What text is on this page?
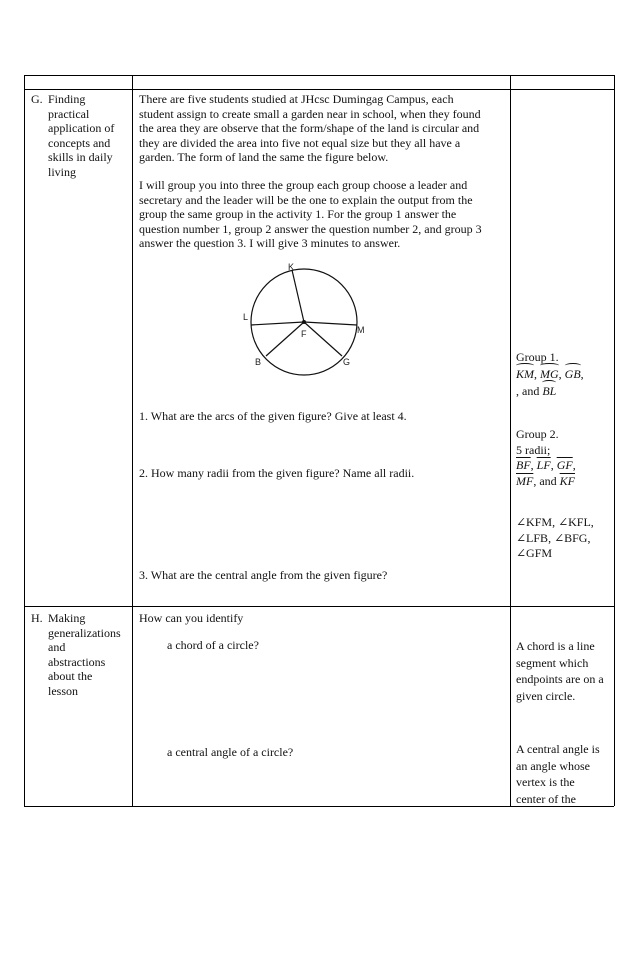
G. Finding
practical
application of
concepts and
skills in daily
living

There are five students studied at JHcsc Dumingag Campus, each

student assign to create small a garden near in school, when they found

the area they are observe that the form/shape of the land is circular and

they are divided the area into five not equal size but they all have a

garden. The form of land the same the figure below.

I will group you into three the group each group choose a leader and

secretary and the leader will be the one to explain the output from the

group the same group in the activity 1. For the group 1 answer the

question number 1, group 2 answer the question number 2, and group 3

answer the question 3. I will give 3 minutes to answer.

K
L
M
F
B	G
1. What are the arcs of the given figure? Give at least 4.
2. How many radii from the given figure? Name all radii.
3. What are the central angle from the given figure?
Group 1.
KM, MG, GB,
, and BL
Group 2.
5 radii;
$\overline{BF}$, $\overline{LF}$, $\overline{GF}$,
$\overline{MF}$, and $\overline{KF}$
∠KFM, ∠KFL,
∠LFB, ∠BFG,
∠GFM
H. Making
generalizations
and
abstractions
about the
lesson
How can you identify
a chord of a circle?
a central angle of a circle?
A chord is a line
segment which
endpoints are on a
given circle.
A central angle is
an angle whose
vertex is the
center of the
